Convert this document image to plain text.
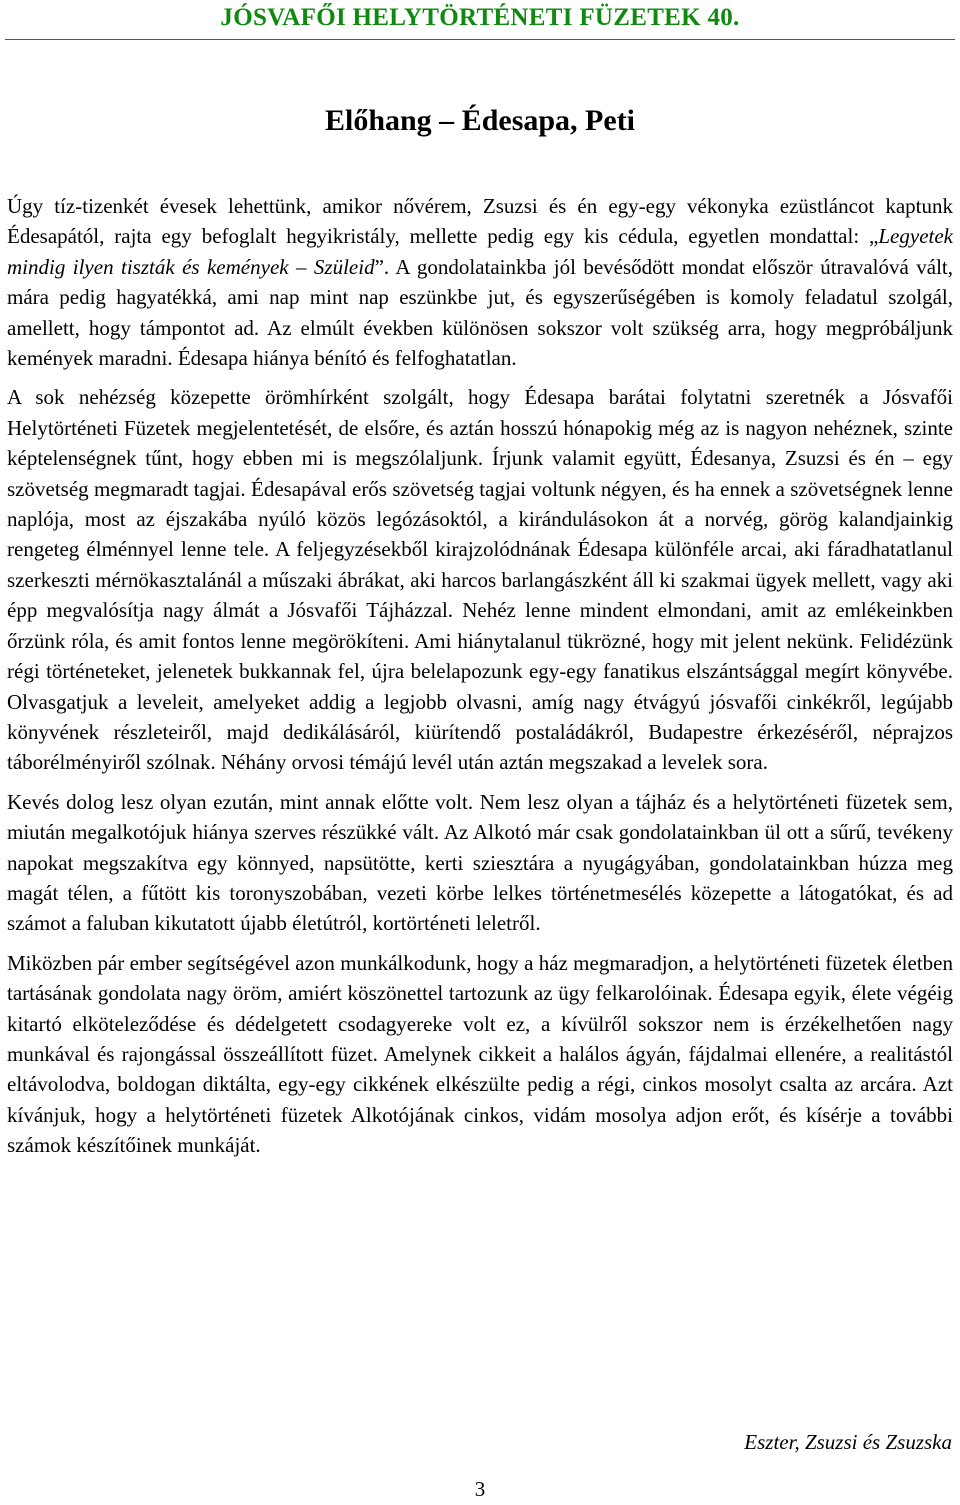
JÓSVAFŐI HELYTÖRTÉNETI FÜZETEK 40.
Előhang – Édesapa, Peti

Úgy tíz-tizenkét évesek lehettünk, amikor nővérem, Zsuzsi és én egy-egy vékonyka ezüstláncot kaptunk Édesapától, rajta egy befoglalt hegyikristály, mellette pedig egy kis cédula, egyetlen mondattal: „Legyetek mindig ilyen tiszták és kemények – Szüleid”. A gondolatainkba jól bevésődött mondat először útravalóvá vált, mára pedig hagyatékká, ami nap mint nap eszünkbe jut, és egyszerűségében is komoly feladatul szolgál, amellett, hogy támpontot ad. Az elmúlt években különösen sokszor volt szükség arra, hogy megpróbáljunk kemények maradni. Édesapa hiánya bénító és felfoghatatlan.

A sok nehézség közepette örömhírként szolgált, hogy Édesapa barátai folytatni szeretnék a Jósvafői Helytörténeti Füzetek megjelentetését, de elsőre, és aztán hosszú hónapokig még az is nagyon nehéznek, szinte képtelenségnek tűnt, hogy ebben mi is megszólaljunk. Írjunk valamit együtt, Édesanya, Zsuzsi és én – egy szövetség megmaradt tagjai. Édesapával erős szövetség tagjai voltunk négyen, és ha ennek a szövetségnek lenne naplója, most az éjszakába nyúló közös legózásoktól, a kirándulásokon át a norvég, görög kalandjainkig rengeteg élménnyel lenne tele. A feljegyzésekből kirajzolódnának Édesapa különféle arcai, aki fáradhatatlanul szerkeszti mérnökasztalánál a műszaki ábrákat, aki harcos barlangászként áll ki szakmai ügyek mellett, vagy aki épp megvalósítja nagy álmát a Jósvafői Tájházzal. Nehéz lenne mindent elmondani, amit az emlékeinkben őrzünk róla, és amit fontos lenne megörökíteni. Ami hiánytalanul tükrözné, hogy mit jelent nekünk. Felidézünk régi történeteket, jelenetek bukkannak fel, újra belelapozunk egy-egy fanatikus elszántsággal megírt könyvébe. Olvasgatjuk a leveleit, amelyeket addig a legjobb olvasni, amíg nagy étvágyú jósvafői cinkékről, legújabb könyvének részleteiről, majd dedikálásáról, kiürítendő postaládákról, Budapestre érkezéséről, néprajzos táborélményiről szólnak. Néhány orvosi témájú levél után aztán megszakad a levelek sora.

Kevés dolog lesz olyan ezután, mint annak előtte volt. Nem lesz olyan a tájház és a helytörténeti füzetek sem, miután megalkotójuk hiánya szerves részükké vált. Az Alkotó már csak gondolatainkban ül ott a sűrű, tevékeny napokat megszakítva egy könnyed, napsütötte, kerti sziesztára a nyugágyában, gondolatainkban húzza meg magát télen, a fűtött kis toronyszobában, vezeti körbe lelkes történetmesélés közepette a látogatókat, és ad számot a faluban kikutatott újabb életútról, kortörténeti leletről.

Miközben pár ember segítségével azon munkálkodunk, hogy a ház megmaradjon, a helytörténeti füzetek életben tartásának gondolata nagy öröm, amiért köszönettel tartozunk az ügy felkarolóinak. Édesapa egyik, élete végéig kitartó elköteleződése és dédelgetett csodagyereke volt ez, a kívülről sokszor nem is érzékelhetően nagy munkával és rajongással összeállított füzet. Amelynek cikkeit a halálos ágyán, fájdalmai ellenére, a realitástól eltávolodva, boldogan diktálta, egy-egy cikkének elkészülte pedig a régi, cinkos mosolyt csalta az arcára. Azt kívánjuk, hogy a helytörténeti füzetek Alkotójának cinkos, vidám mosolya adjon erőt, és kísérje a további számok készítőinek munkáját.

Eszter, Zsuzsi és Zsuzska
3
